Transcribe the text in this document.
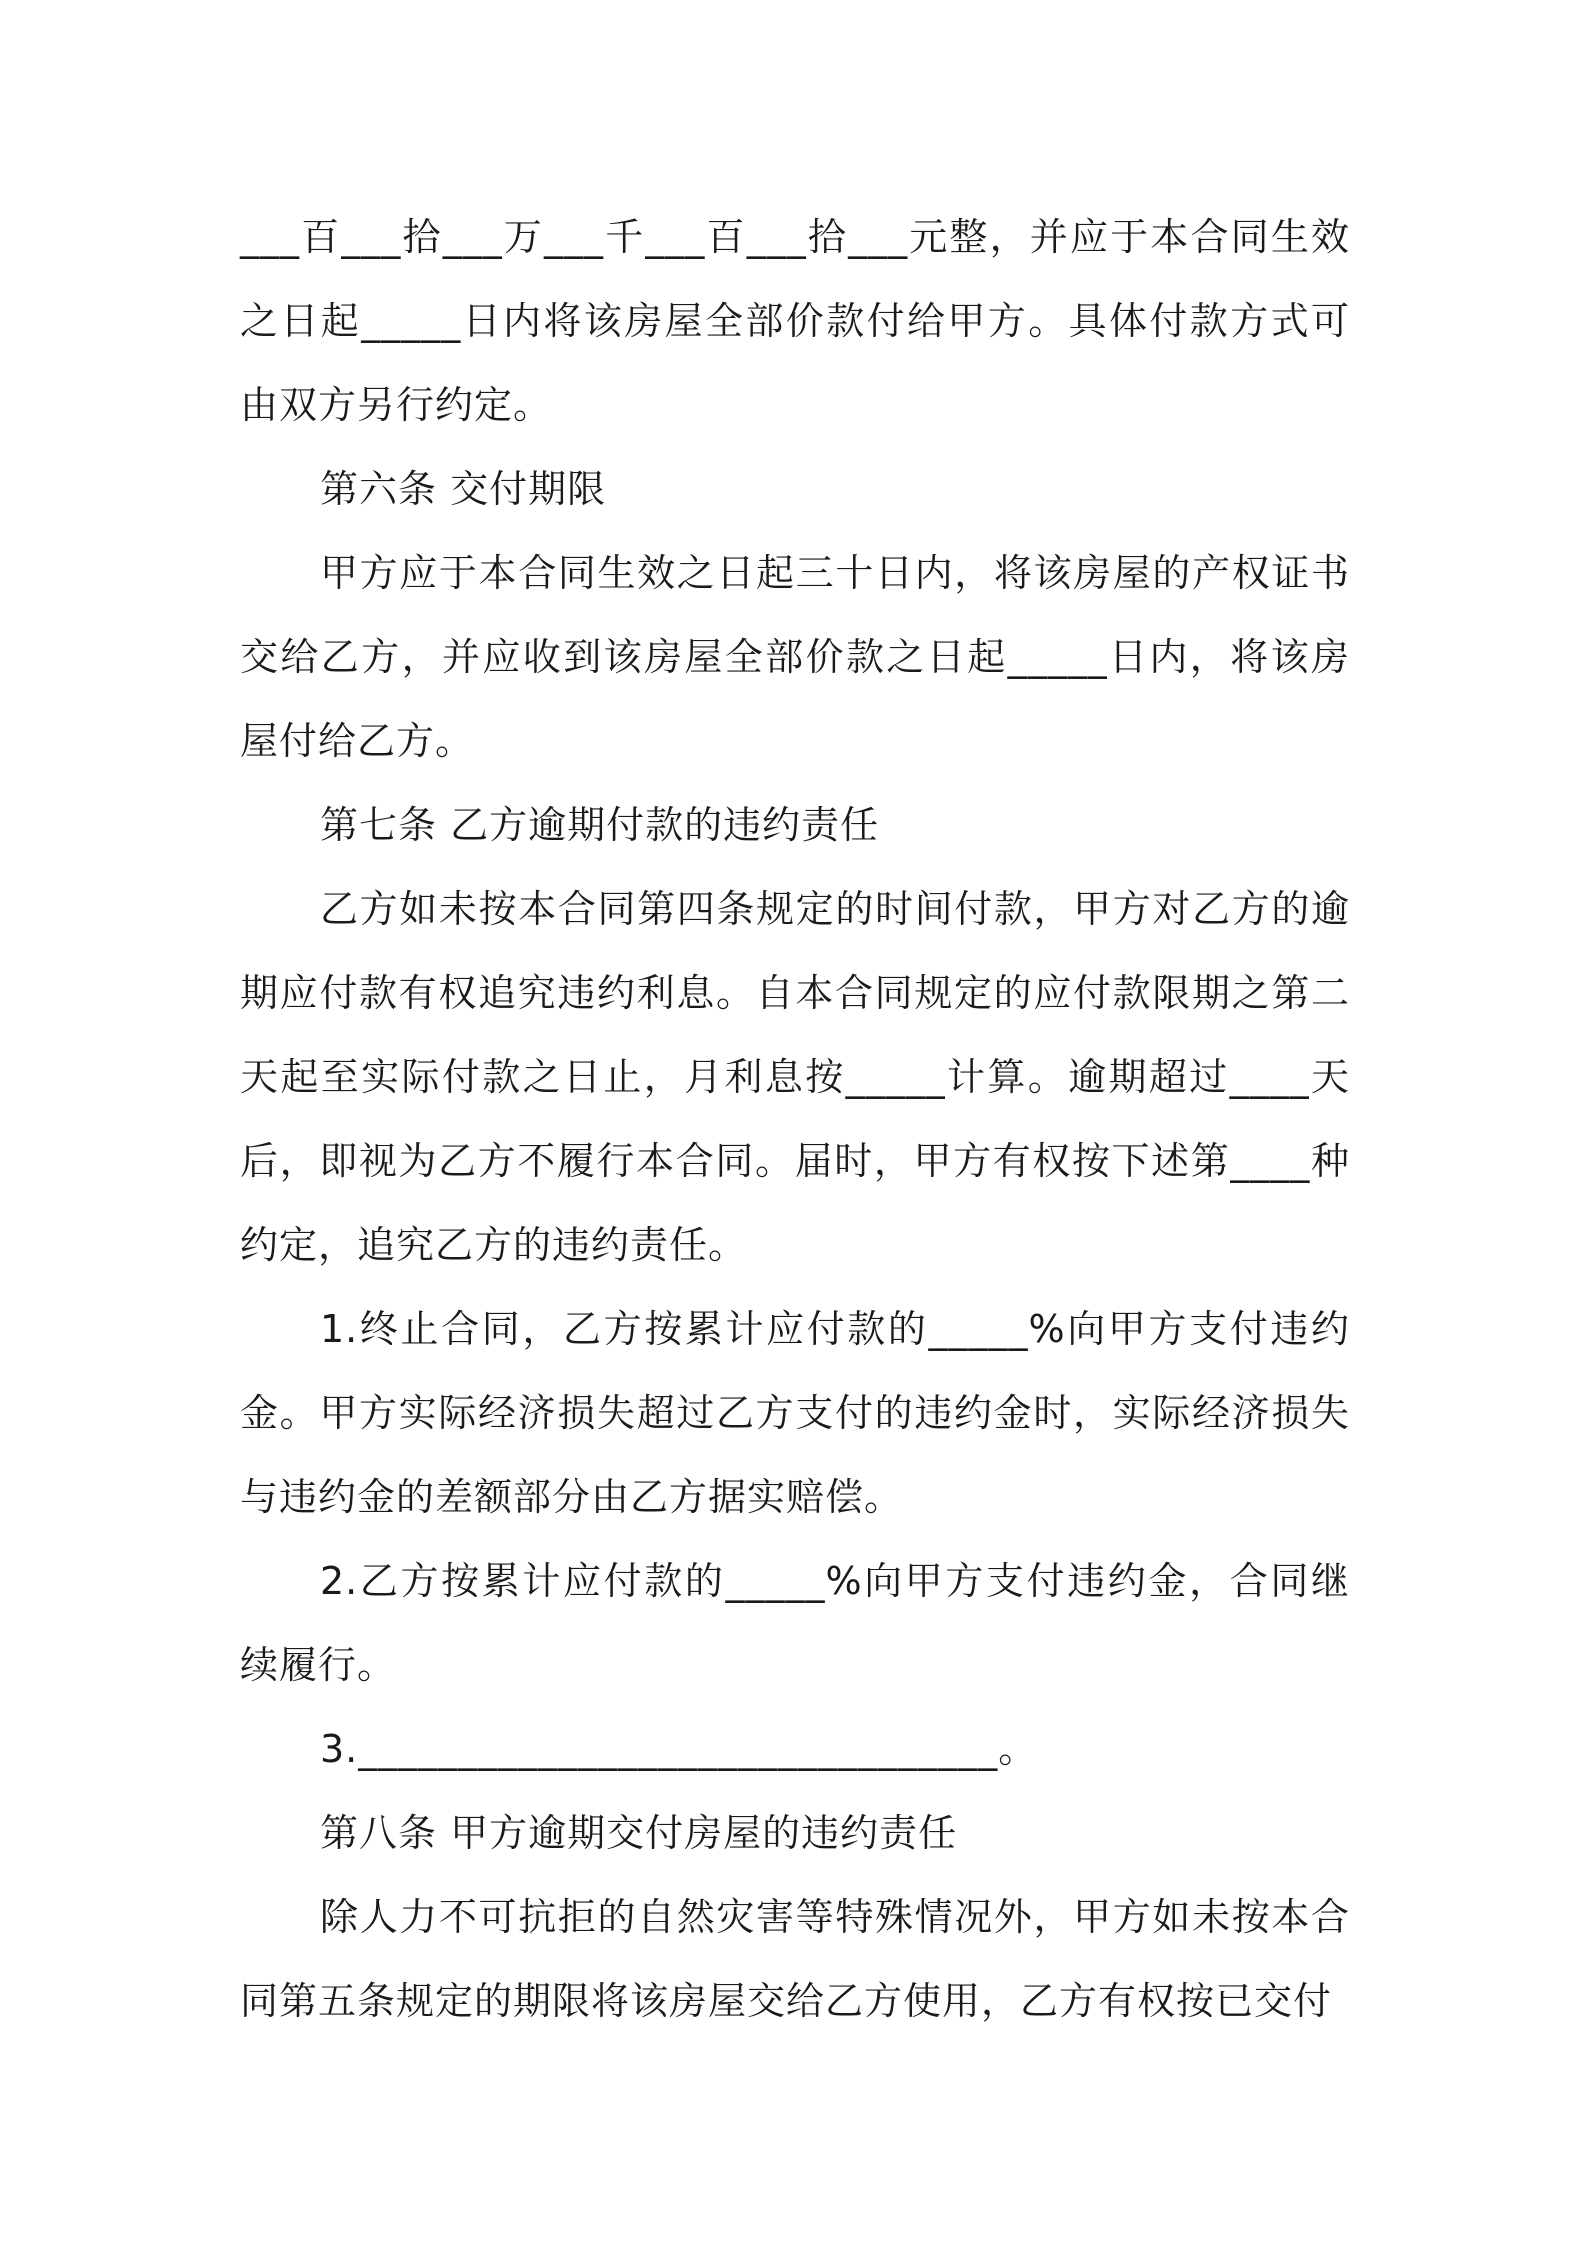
___百___拾___万___千___百___拾___元整，并应于本合同生效之日起_____日内将该房屋全部价款付给甲方。具体付款方式可由双方另行约定。

第六条 交付期限

甲方应于本合同生效之日起三十日内，将该房屋的产权证书交给乙方，并应收到该房屋全部价款之日起_____日内，将该房屋付给乙方。

第七条 乙方逾期付款的违约责任

乙方如未按本合同第四条规定的时间付款，甲方对乙方的逾期应付款有权追究违约利息。自本合同规定的应付款限期之第二天起至实际付款之日止，月利息按_____计算。逾期超过____天后，即视为乙方不履行本合同。届时，甲方有权按下述第____种约定，追究乙方的违约责任。

1.终止合同，乙方按累计应付款的_____%向甲方支付违约金。甲方实际经济损失超过乙方支付的违约金时，实际经济损失与违约金的差额部分由乙方据实赔偿。

2.乙方按累计应付款的_____%向甲方支付违约金，合同继续履行。

3.________________________________。

第八条 甲方逾期交付房屋的违约责任

除人力不可抗拒的自然灾害等特殊情况外，甲方如未按本合同第五条规定的期限将该房屋交给乙方使用，乙方有权按已交付
